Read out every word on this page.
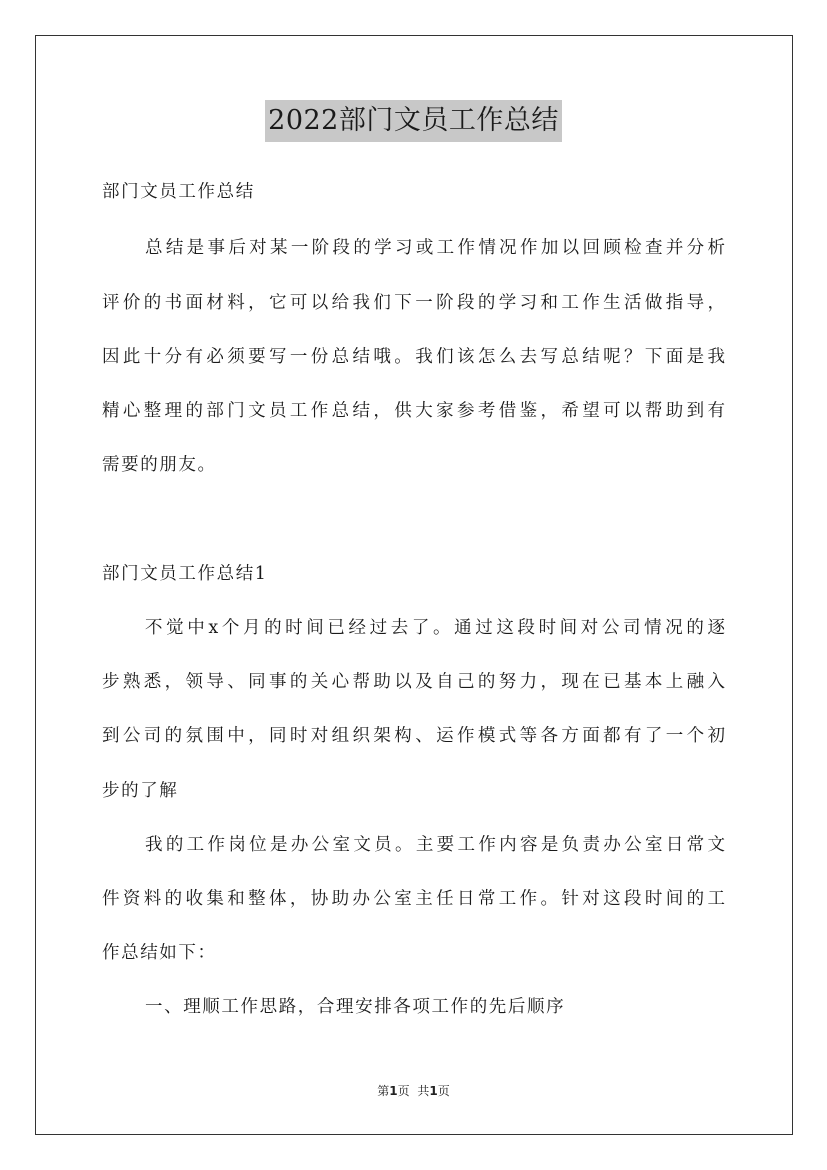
2022部门文员工作总结
部门文员工作总结
总结是事后对某一阶段的学习或工作情况作加以回顾检查并分析
评价的书面材料，它可以给我们下一阶段的学习和工作生活做指导，
因此十分有必须要写一份总结哦。我们该怎么去写总结呢？下面是我
精心整理的部门文员工作总结，供大家参考借鉴，希望可以帮助到有
需要的朋友。
部门文员工作总结1
不觉中x个月的时间已经过去了。通过这段时间对公司情况的逐
步熟悉，领导、同事的关心帮助以及自己的努力，现在已基本上融入
到公司的氛围中，同时对组织架构、运作模式等各方面都有了一个初
步的了解
我的工作岗位是办公室文员。主要工作内容是负责办公室日常文
件资料的收集和整体，协助办公室主任日常工作。针对这段时间的工
作总结如下：
一、理顺工作思路，合理安排各项工作的先后顺序
第1页 共1页
